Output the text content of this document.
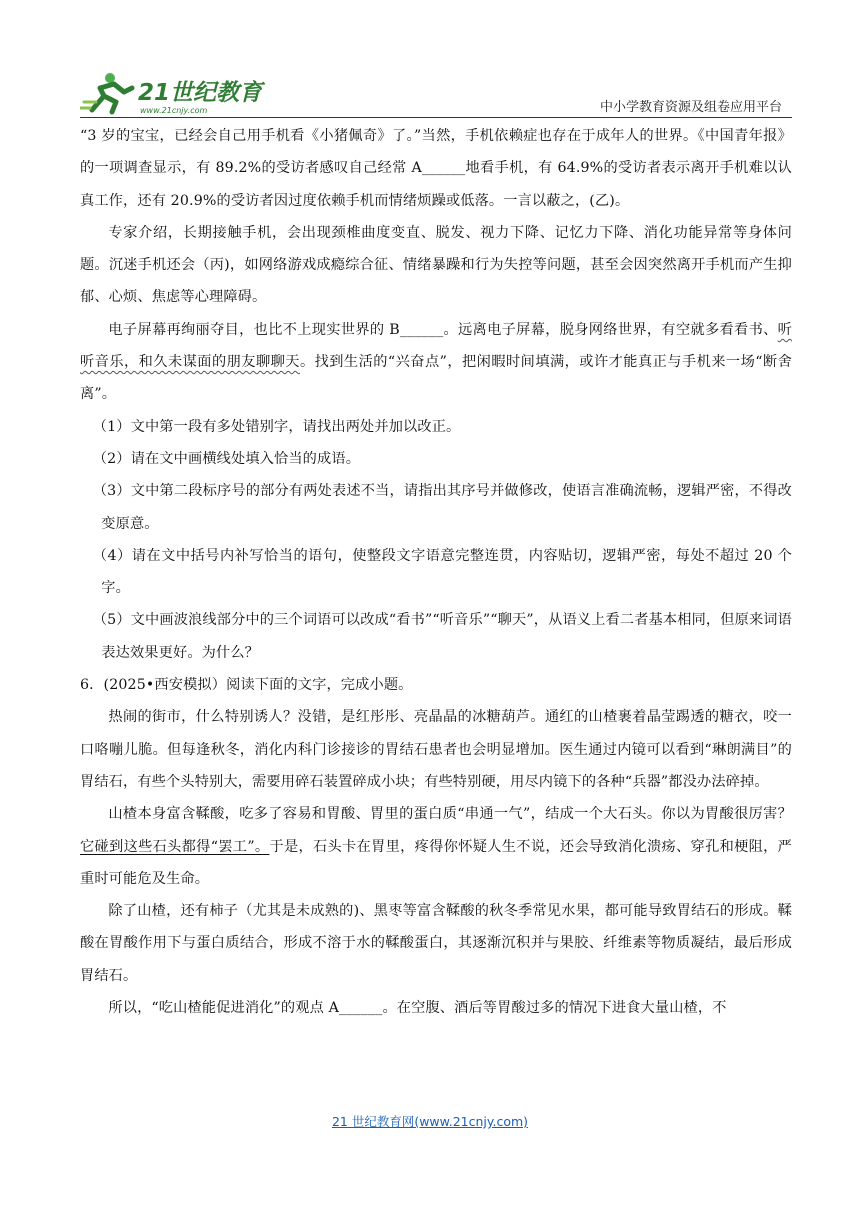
21世纪教育
www.21cnjy.com	中小学教育资源及组卷应用平台

“3 岁的宝宝，已经会自己用手机看《小猪佩奇》了。”当然，手机依赖症也存在于成年人的世界。《中国青年报》的一项调查显示，有 89.2%的受访者感叹自己经常 A______地看手机，有 64.9%的受访者表示离开手机难以认真工作，还有 20.9%的受访者因过度依赖手机而情绪烦躁或低落。一言以蔽之，(乙)。

专家介绍，长期接触手机，会出现颈椎曲度变直、脱发、视力下降、记忆力下降、消化功能异常等身体问题。沉迷手机还会（丙)，如网络游戏成瘾综合征、情绪暴躁和行为失控等问题，甚至会因突然离开手机而产生抑郁、心烦、焦虑等心理障碍。

电子屏幕再绚丽夺目，也比不上现实世界的 B______。远离电子屏幕，脱身网络世界，有空就多看看书、听听音乐，和久未谋面的朋友聊聊天。找到生活的“兴奋点”，把闲暇时间填满，或许才能真正与手机来一场“断舍离”。

（1）文中第一段有多处错别字，请找出两处并加以改正。

（2）请在文中画横线处填入恰当的成语。

（3）文中第二段标序号的部分有两处表述不当，请指出其序号并做修改，使语言准确流畅，逻辑严密，不得改变原意。

（4）请在文中括号内补写恰当的语句，使整段文字语意完整连贯，内容贴切，逻辑严密，每处不超过 20 个字。

（5）文中画波浪线部分中的三个词语可以改成“看书”“听音乐”“聊天”，从语义上看二者基本相同，但原来词语表达效果更好。为什么？

6．(2025•西安模拟）阅读下面的文字，完成小题。

热闹的街市，什么特别诱人？没错，是红彤彤、亮晶晶的冰糖葫芦。通红的山楂裹着晶莹踢透的糖衣，咬一口咯嘣儿脆。但每逢秋冬，消化内科门诊接诊的胃结石患者也会明显增加。医生通过内镜可以看到“琳朗满目”的胃结石，有些个头特别大，需要用碎石装置碎成小块；有些特别硬，用尽内镜下的各种“兵器”都没办法碎掉。

山楂本身富含鞣酸，吃多了容易和胃酸、胃里的蛋白质“串通一气”，结成一个大石头。你以为胃酸很厉害？它碰到这些石头都得“罢工”。于是，石头卡在胃里，疼得你怀疑人生不说，还会导致消化溃疡、穿孔和梗阻，严重时可能危及生命。

除了山楂，还有柿子（尤其是未成熟的)、黑枣等富含鞣酸的秋冬季常见水果，都可能导致胃结石的形成。鞣酸在胃酸作用下与蛋白质结合，形成不溶于水的鞣酸蛋白，其逐渐沉积并与果胶、纤维素等物质凝结，最后形成胃结石。

所以，“吃山楂能促进消化”的观点 A______。在空腹、酒后等胃酸过多的情况下进食大量山楂，不

21 世纪教育网(www.21cnjy.com)
